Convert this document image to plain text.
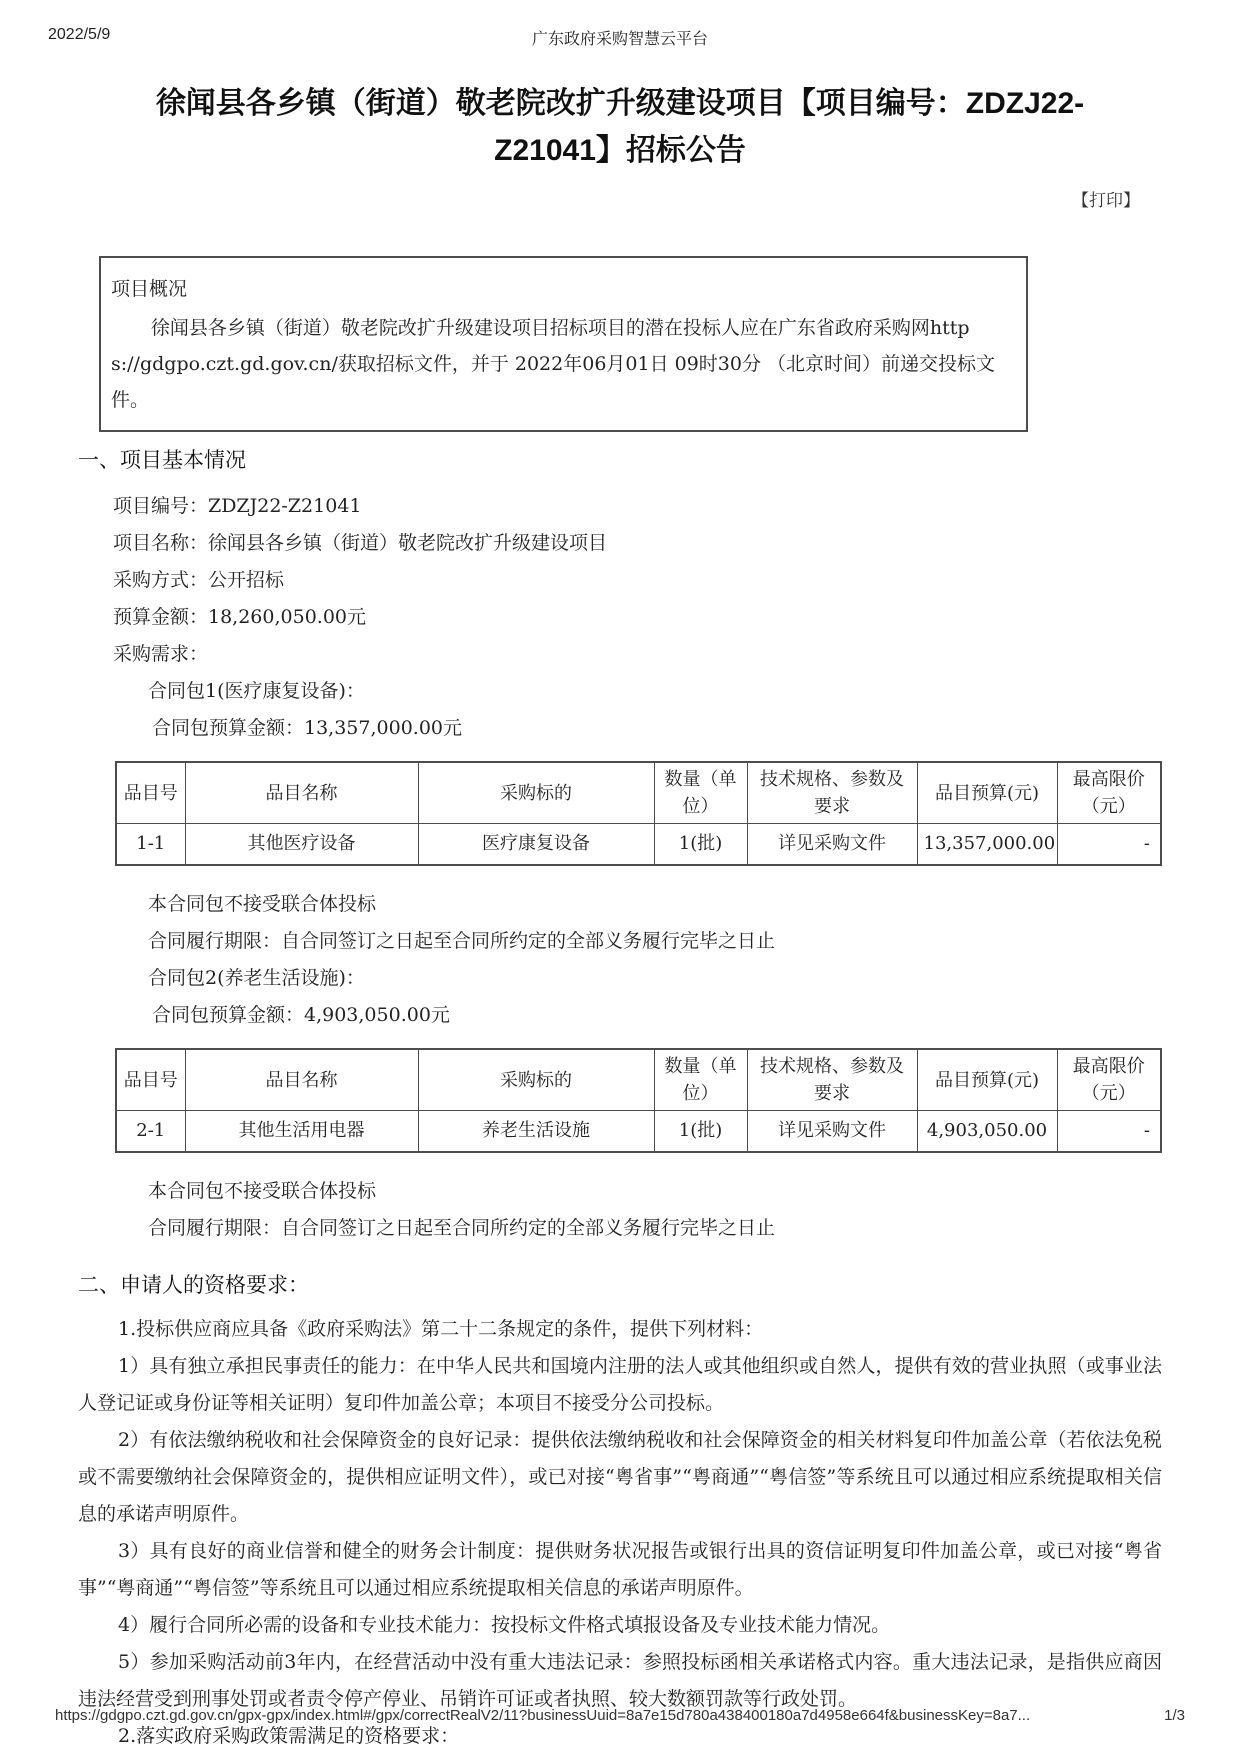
2022/5/9	广东政府采购智慧云平台
徐闻县各乡镇（街道）敬老院改扩升级建设项目【项目编号：ZDZJ22-Z21041】招标公告
【打印】
项目概况

徐闻县各乡镇（街道）敬老院改扩升级建设项目招标项目的潜在投标人应在广东省政府采购网https://gdgpo.czt.gd.gov.cn/获取招标文件，并于 2022年06月01日 09时30分 （北京时间）前递交投标文件。

一、项目基本情况
项目编号：ZDZJ22-Z21041
项目名称：徐闻县各乡镇（街道）敬老院改扩升级建设项目
采购方式：公开招标
预算金额：18,260,050.00元
采购需求：
合同包1(医疗康复设备)：
合同包预算金额：13,357,000.00元
品目号	品目名称	采购标的	数量（单位）	技术规格、参数及要求	品目预算(元)	最高限价（元）
1-1	其他医疗设备	医疗康复设备	1(批)	详见采购文件	13,357,000.00	-
本合同包不接受联合体投标
合同履行期限：自合同签订之日起至合同所约定的全部义务履行完毕之日止
合同包2(养老生活设施)：
合同包预算金额：4,903,050.00元
品目号	品目名称	采购标的	数量（单位）	技术规格、参数及要求	品目预算(元)	最高限价（元）
2-1	其他生活用电器	养老生活设施	1(批)	详见采购文件	4,903,050.00	-
本合同包不接受联合体投标
合同履行期限：自合同签订之日起至合同所约定的全部义务履行完毕之日止
二、申请人的资格要求：

1.投标供应商应具备《政府采购法》第二十二条规定的条件，提供下列材料：

1）具有独立承担民事责任的能力：在中华人民共和国境内注册的法人或其他组织或自然人，提供有效的营业执照（或事业法人登记证或身份证等相关证明）复印件加盖公章；本项目不接受分公司投标。

2）有依法缴纳税收和社会保障资金的良好记录：提供依法缴纳税收和社会保障资金的相关材料复印件加盖公章（若依法免税或不需要缴纳社会保障资金的，提供相应证明文件），或已对接“粤省事”“粤商通”“粤信签”等系统且可以通过相应系统提取相关信息的承诺声明原件。

3）具有良好的商业信誉和健全的财务会计制度：提供财务状况报告或银行出具的资信证明复印件加盖公章，或已对接“粤省事”“粤商通”“粤信签”等系统且可以通过相应系统提取相关信息的承诺声明原件。

4）履行合同所必需的设备和专业技术能力：按投标文件格式填报设备及专业技术能力情况。

5）参加采购活动前3年内，在经营活动中没有重大违法记录：参照投标函相关承诺格式内容。重大违法记录，是指供应商因违法经营受到刑事处罚或者责令停产停业、吊销许可证或者执照、较大数额罚款等行政处罚。

2.落实政府采购政策需满足的资格要求：

https://gdgpo.czt.gd.gov.cn/gpx-gpx/index.html#/gpx/correctRealV2/11?businessUuid=8a7e15d780a438400180a7d4958e664f&businessKey=8a7...	1/3
